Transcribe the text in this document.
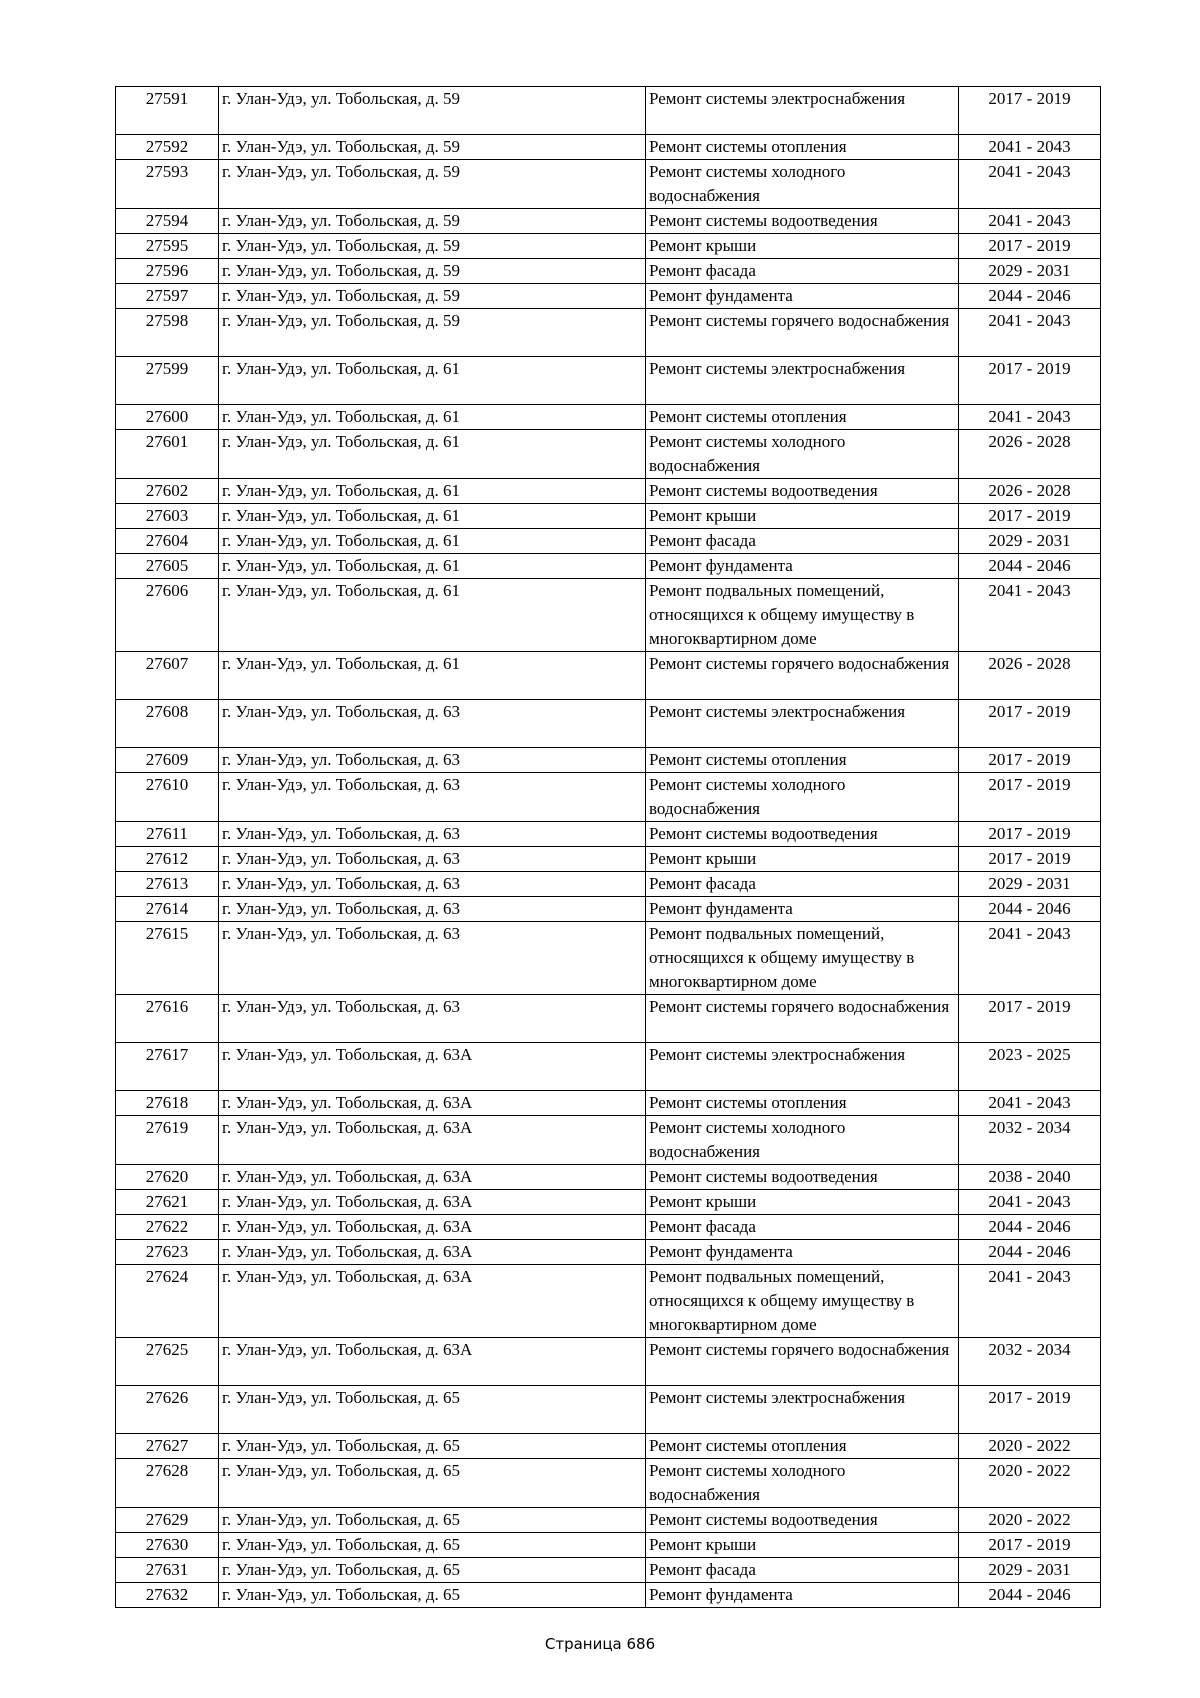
27591	г. Улан-Удэ, ул. Тобольская, д. 59	Ремонт системы электроснабжения	2017 - 2019
27592	г. Улан-Удэ, ул. Тобольская, д. 59	Ремонт системы отопления	2041 - 2043
27593	г. Улан-Удэ, ул. Тобольская, д. 59	Ремонт системы холодного водоснабжения	2041 - 2043
27594	г. Улан-Удэ, ул. Тобольская, д. 59	Ремонт системы водоотведения	2041 - 2043
27595	г. Улан-Удэ, ул. Тобольская, д. 59	Ремонт крыши	2017 - 2019
27596	г. Улан-Удэ, ул. Тобольская, д. 59	Ремонт фасада	2029 - 2031
27597	г. Улан-Удэ, ул. Тобольская, д. 59	Ремонт фундамента	2044 - 2046
27598	г. Улан-Удэ, ул. Тобольская, д. 59	Ремонт системы горячего водоснабжения	2041 - 2043
27599	г. Улан-Удэ, ул. Тобольская, д. 61	Ремонт системы электроснабжения	2017 - 2019
27600	г. Улан-Удэ, ул. Тобольская, д. 61	Ремонт системы отопления	2041 - 2043
27601	г. Улан-Удэ, ул. Тобольская, д. 61	Ремонт системы холодного водоснабжения	2026 - 2028
27602	г. Улан-Удэ, ул. Тобольская, д. 61	Ремонт системы водоотведения	2026 - 2028
27603	г. Улан-Удэ, ул. Тобольская, д. 61	Ремонт крыши	2017 - 2019
27604	г. Улан-Удэ, ул. Тобольская, д. 61	Ремонт фасада	2029 - 2031
27605	г. Улан-Удэ, ул. Тобольская, д. 61	Ремонт фундамента	2044 - 2046
27606	г. Улан-Удэ, ул. Тобольская, д. 61	Ремонт подвальных помещений, относящихся к общему имуществу в многоквартирном доме	2041 - 2043
27607	г. Улан-Удэ, ул. Тобольская, д. 61	Ремонт системы горячего водоснабжения	2026 - 2028
27608	г. Улан-Удэ, ул. Тобольская, д. 63	Ремонт системы электроснабжения	2017 - 2019
27609	г. Улан-Удэ, ул. Тобольская, д. 63	Ремонт системы отопления	2017 - 2019
27610	г. Улан-Удэ, ул. Тобольская, д. 63	Ремонт системы холодного водоснабжения	2017 - 2019
27611	г. Улан-Удэ, ул. Тобольская, д. 63	Ремонт системы водоотведения	2017 - 2019
27612	г. Улан-Удэ, ул. Тобольская, д. 63	Ремонт крыши	2017 - 2019
27613	г. Улан-Удэ, ул. Тобольская, д. 63	Ремонт фасада	2029 - 2031
27614	г. Улан-Удэ, ул. Тобольская, д. 63	Ремонт фундамента	2044 - 2046
27615	г. Улан-Удэ, ул. Тобольская, д. 63	Ремонт подвальных помещений, относящихся к общему имуществу в многоквартирном доме	2041 - 2043
27616	г. Улан-Удэ, ул. Тобольская, д. 63	Ремонт системы горячего водоснабжения	2017 - 2019
27617	г. Улан-Удэ, ул. Тобольская, д. 63А	Ремонт системы электроснабжения	2023 - 2025
27618	г. Улан-Удэ, ул. Тобольская, д. 63А	Ремонт системы отопления	2041 - 2043
27619	г. Улан-Удэ, ул. Тобольская, д. 63А	Ремонт системы холодного водоснабжения	2032 - 2034
27620	г. Улан-Удэ, ул. Тобольская, д. 63А	Ремонт системы водоотведения	2038 - 2040
27621	г. Улан-Удэ, ул. Тобольская, д. 63А	Ремонт крыши	2041 - 2043
27622	г. Улан-Удэ, ул. Тобольская, д. 63А	Ремонт фасада	2044 - 2046
27623	г. Улан-Удэ, ул. Тобольская, д. 63А	Ремонт фундамента	2044 - 2046
27624	г. Улан-Удэ, ул. Тобольская, д. 63А	Ремонт подвальных помещений, относящихся к общему имуществу в многоквартирном доме	2041 - 2043
27625	г. Улан-Удэ, ул. Тобольская, д. 63А	Ремонт системы горячего водоснабжения	2032 - 2034
27626	г. Улан-Удэ, ул. Тобольская, д. 65	Ремонт системы электроснабжения	2017 - 2019
27627	г. Улан-Удэ, ул. Тобольская, д. 65	Ремонт системы отопления	2020 - 2022
27628	г. Улан-Удэ, ул. Тобольская, д. 65	Ремонт системы холодного водоснабжения	2020 - 2022
27629	г. Улан-Удэ, ул. Тобольская, д. 65	Ремонт системы водоотведения	2020 - 2022
27630	г. Улан-Удэ, ул. Тобольская, д. 65	Ремонт крыши	2017 - 2019
27631	г. Улан-Удэ, ул. Тобольская, д. 65	Ремонт фасада	2029 - 2031
27632	г. Улан-Удэ, ул. Тобольская, д. 65	Ремонт фундамента	2044 - 2046
Страница 686
